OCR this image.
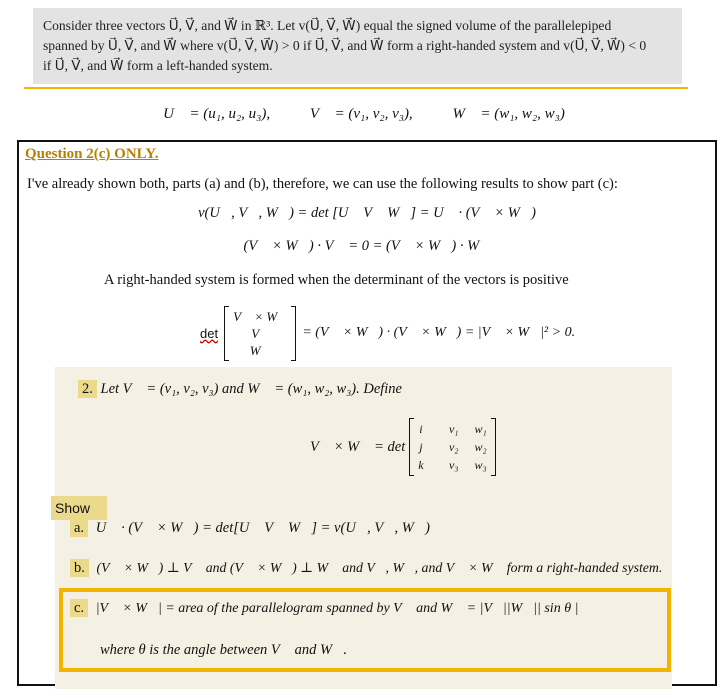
Consider three vectors U⃗, V⃗, and W⃗ in ℝ³. Let v(U⃗, V⃗, W⃗) equal the signed volume of the parallelepiped
spanned by U⃗, V⃗, and W⃗ where v(U⃗, V⃗, W⃗) > 0 if U⃗, V⃗, and W⃗ form a right-handed system and v(U⃗, V⃗, W⃗) < 0
if U⃗, V⃗, and W⃗ form a left-handed system.
U⃗ = (u₁, u₂, u₃),	V⃗ = (v₁, v₂, v₃),	W⃗ = (w₁, w₂, w₃)
Question 2(c) ONLY.
I've already shown both, parts (a) and (b), therefore, we can use the following results to show part (c):
v(U⃗, V⃗, W⃗) = det [U⃗ V⃗ W⃗] = U⃗ · (V⃗ × W⃗)
(V⃗ × W⃗) · V⃗ = 0 = (V⃗ × W⃗) · W⃗
A right-handed system is formed when the determinant of the vectors is positive
det
V⃗ × W⃗
V⃗
W⃗
= (V⃗ × W⃗) · (V⃗ × W⃗) = |V⃗ × W⃗|² > 0.
2. Let V⃗ = (v₁, v₂, v₃) and W⃗ = (w₁, w₂, w₃). Define
V⃗ × W⃗ = det
i⃗
j⃗
k⃗
v₁
v₂
v₃
w₁
w₂
w₃
Show
a. U⃗ · (V⃗ × W⃗) = det[U⃗ V⃗ W⃗] = v(U⃗, V⃗, W⃗)
b. (V⃗ × W⃗) ⊥ V⃗ and (V⃗ × W⃗) ⊥ W⃗ and V⃗, W⃗, and V⃗ × W⃗ form a right-handed system.
c. |V⃗ × W⃗| = area of the parallelogram spanned by V⃗ and W⃗ = |V⃗||W⃗|| sin θ |
where θ is the angle between V⃗ and W⃗.
